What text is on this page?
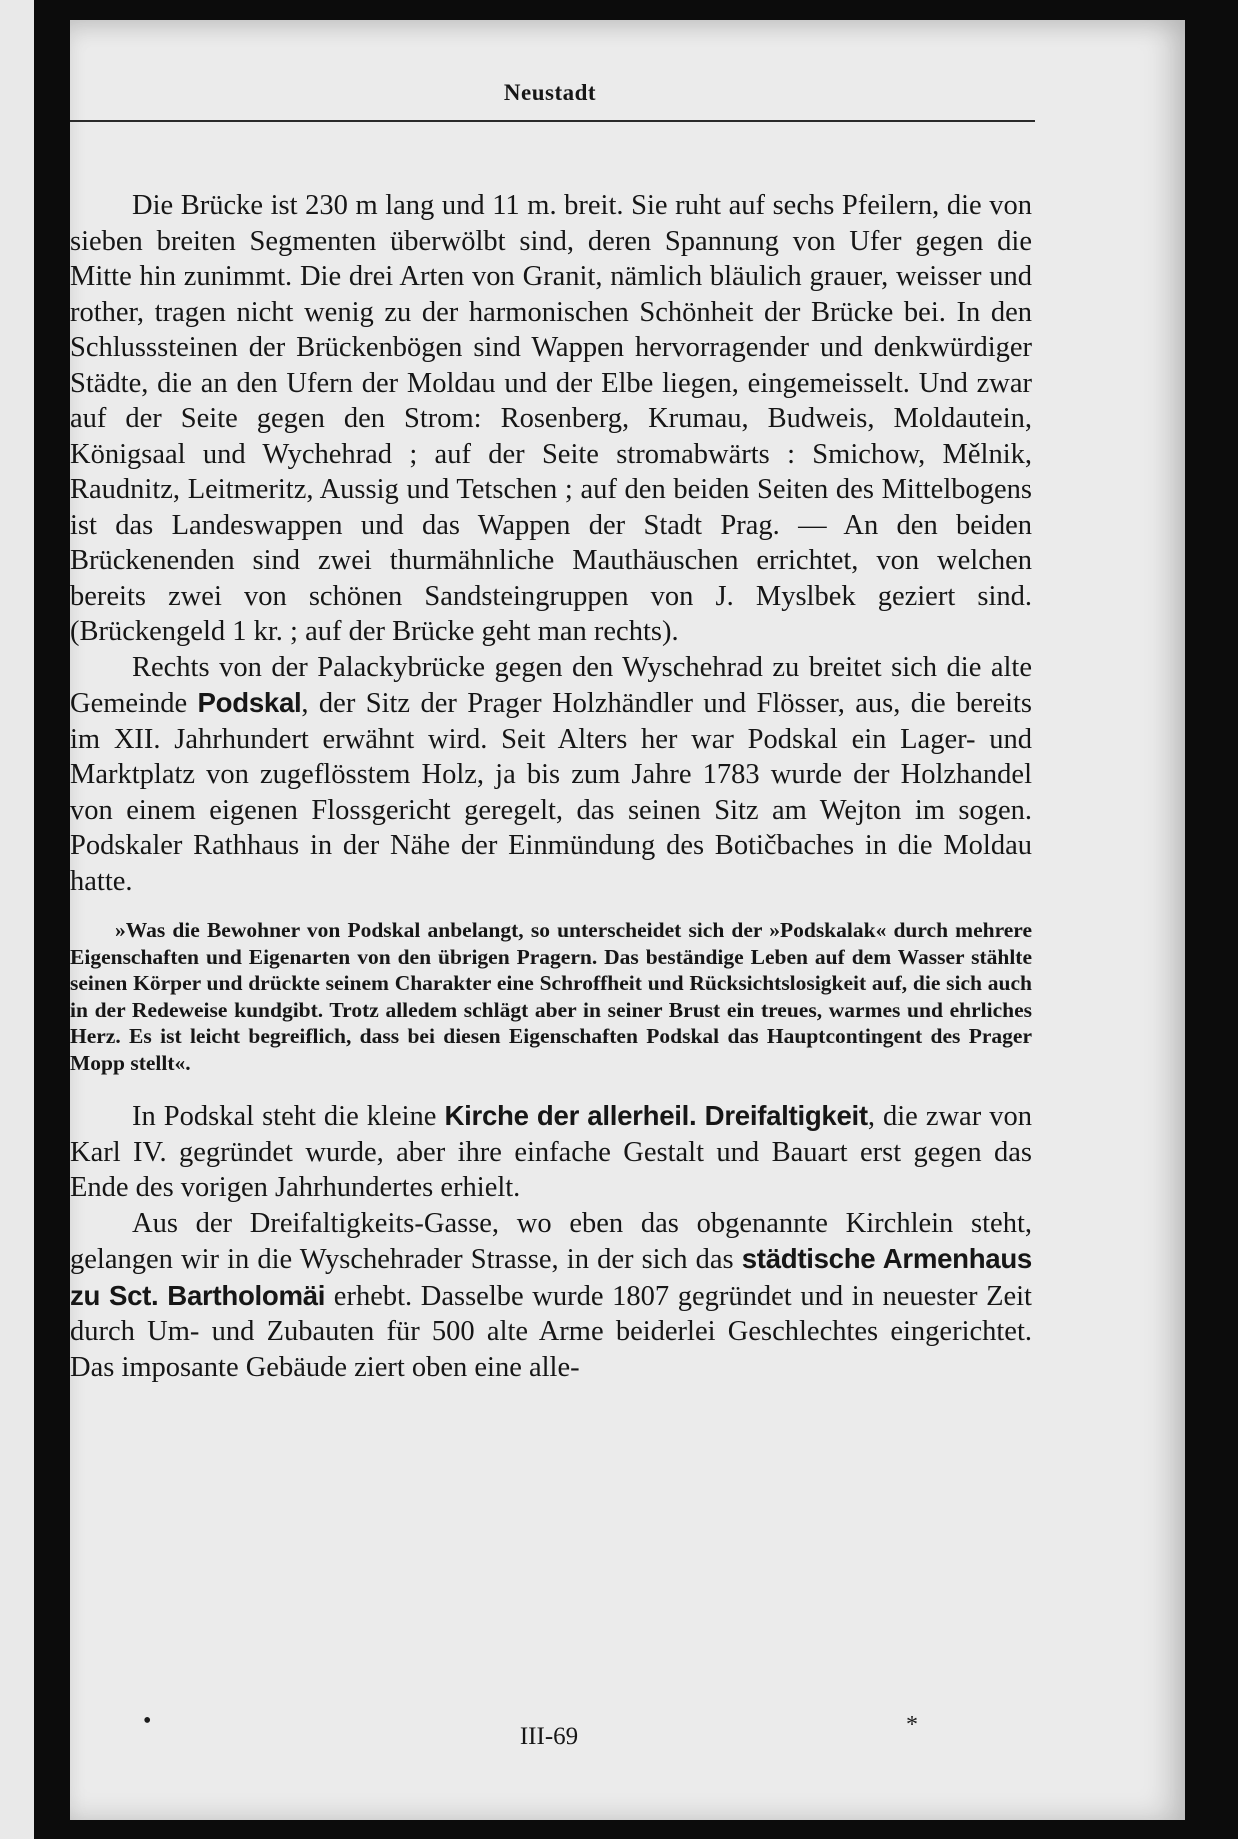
Neustadt

Die Brücke ist 230 m lang und 11 m. breit. Sie ruht auf sechs Pfeilern, die von sieben breiten Segmenten überwölbt sind, deren Spannung von Ufer gegen die Mitte hin zunimmt. Die drei Arten von Granit, nämlich bläulich grauer, weisser und rother, tragen nicht wenig zu der harmonischen Schönheit der Brücke bei. In den Schlusssteinen der Brückenbögen sind Wappen hervorragender und denkwürdiger Städte, die an den Ufern der Moldau und der Elbe liegen, eingemeisselt. Und zwar auf der Seite gegen den Strom: Rosenberg, Krumau, Budweis, Moldautein, Königsaal und Wychehrad ; auf der Seite stromabwärts : Smichow, Mělnik, Raudnitz, Leitmeritz, Aussig und Tetschen ; auf den beiden Seiten des Mittelbogens ist das Landeswappen und das Wappen der Stadt Prag. — An den beiden Brückenenden sind zwei thurmähnliche Mauthäuschen errichtet, von welchen bereits zwei von schönen Sandsteingruppen von J. Myslbek geziert sind. (Brückengeld 1 kr. ; auf der Brücke geht man rechts).

Rechts von der Palackybrücke gegen den Wyschehrad zu breitet sich die alte Gemeinde Podskal, der Sitz der Prager Holzhändler und Flösser, aus, die bereits im XII. Jahrhundert erwähnt wird. Seit Alters her war Podskal ein Lager- und Marktplatz von zugeflösstem Holz, ja bis zum Jahre 1783 wurde der Holzhandel von einem eigenen Flossgericht geregelt, das seinen Sitz am Wejton im sogen. Podskaler Rathhaus in der Nähe der Einmündung des Botičbaches in die Moldau hatte.

»Was die Bewohner von Podskal anbelangt, so unterscheidet sich der »Podskalak« durch mehrere Eigenschaften und Eigenarten von den übrigen Pragern. Das beständige Leben auf dem Wasser stählte seinen Körper und drückte seinem Charakter eine Schroffheit und Rücksichtslosigkeit auf, die sich auch in der Redeweise kundgibt. Trotz alledem schlägt aber in seiner Brust ein treues, warmes und ehrliches Herz. Es ist leicht begreiflich, dass bei diesen Eigenschaften Podskal das Hauptcontingent des Prager Mopp stellt«.

In Podskal steht die kleine Kirche der allerheil. Dreifaltigkeit, die zwar von Karl IV. gegründet wurde, aber ihre einfache Gestalt und Bauart erst gegen das Ende des vorigen Jahrhundertes erhielt.

Aus der Dreifaltigkeits-Gasse, wo eben das obgenannte Kirchlein steht, gelangen wir in die Wyschehrader Strasse, in der sich das städtische Armenhaus zu Sct. Bartholomäi erhebt. Dasselbe wurde 1807 gegründet und in neuester Zeit durch Um- und Zubauten für 500 alte Arme beiderlei Geschlechtes eingerichtet. Das imposante Gebäude ziert oben eine alle-

•
III-69	*
